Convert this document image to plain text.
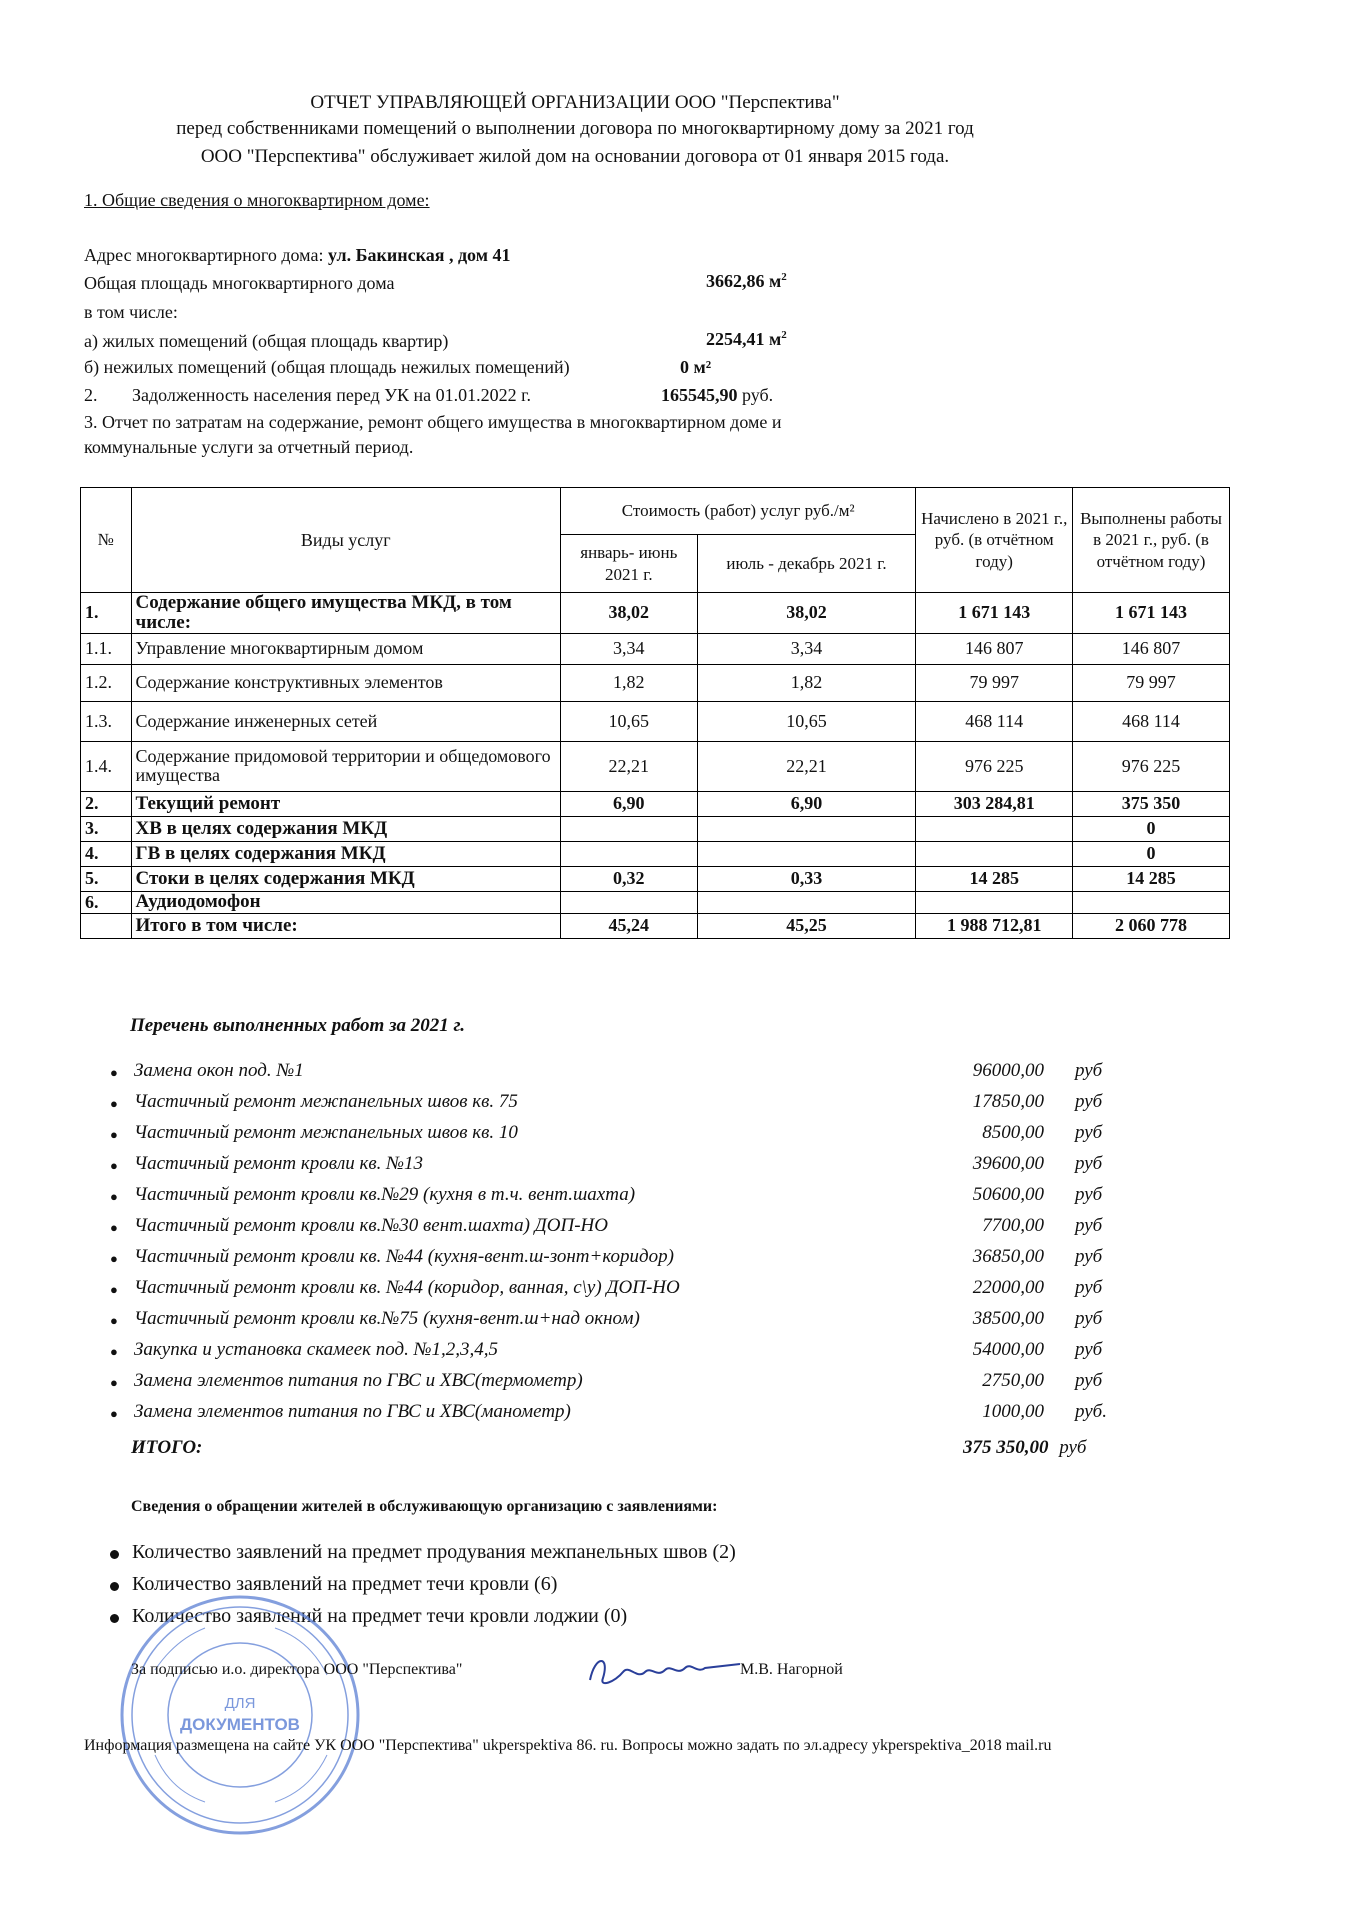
ОТЧЕТ УПРАВЛЯЮЩЕЙ ОРГАНИЗАЦИИ ООО "Перспектива"
перед собственниками помещений о выполнении договора по многоквартирному дому за 2021 год
ООО "Перспектива" обслуживает жилой дом на основании договора от 01 января 2015 года.
1. Общие сведения о многоквартирном доме:
Адрес многоквартирного дома: ул. Бакинская , дом 41
Общая площадь многоквартирного дома	3662,86 $м^2$
в том числе:
а) жилых помещений (общая площадь квартир)	2254,41 $м^2$
б) нежилых помещений (общая площадь нежилых помещений)	0 м²
2. Задолженность населения перед УК на 01.01.2022 г.	165545,90 руб.
3. Отчет по затратам на содержание, ремонт общего имущества в многоквартирном доме и
коммунальные услуги за отчетный период.
№	Виды услуг	Стоимость (работ) услуг руб./м²		Начислено в 2021 г., руб. (в отчётном году)	Выполнены работы в 2021 г., руб. (в отчётном году)
		январь- июнь 2021 г.	июль - декабрь 2021 г.		
1.	Содержание общего имущества МКД, в том числе:	38,02	38,02	1 671 143	1 671 143
1.1.	Управление многоквартирным домом	3,34	3,34	146 807	146 807
1.2.	Содержание конструктивных элементов	1,82	1,82	79 997	79 997
1.3.	Содержание инженерных сетей	10,65	10,65	468 114	468 114
1.4.	Содержание придомовой территории и общедомового имущества	22,21	22,21	976 225	976 225
2.	Текущий ремонт	6,90	6,90	303 284,81	375 350
3.	ХВ в целях содержания МКД				0
4.	ГВ в целях содержания МКД				0
5.	Стоки в целях содержания МКД	0,32	0,33	14 285	14 285
6.	Аудиодомофон				
	Итого в том числе:	45,24	45,25	1 988 712,81	2 060 778
Перечень выполненных работ за 2021 г.
● Замена окон под. №1	96000,00 руб
● Частичный ремонт межпанельных швов кв. 75	17850,00 руб
● Частичный ремонт межпанельных швов кв. 10	8500,00 руб
● Частичный ремонт кровли кв. №13	39600,00 руб
● Частичный ремонт кровли кв.№29 (кухня в т.ч. вент.шахта)	50600,00 руб
● Частичный ремонт кровли кв.№30 вент.шахта) ДОП-НО	7700,00 руб
● Частичный ремонт кровли кв. №44 (кухня-вент.ш-зонт+коридор)	36850,00 руб
● Частичный ремонт кровли кв. №44 (коридор, ванная, с\у) ДОП-НО	22000,00 руб
● Частичный ремонт кровли кв.№75 (кухня-вент.ш+над окном)	38500,00 руб
● Закупка и установка скамеек под. №1,2,3,4,5	54000,00 руб
● Замена элементов питания по ГВС и ХВС(термометр)	2750,00 руб
● Замена элементов питания по ГВС и ХВС(манометр)	1000,00 руб.
ИТОГО:	375 350,00 руб
Сведения о обращении жителей в обслуживающую организацию с заявлениями:
Количество заявлений на предмет продувания межпанельных швов (2)
Количество заявлений на предмет течи кровли (6)
Количество заявлений на предмет течи кровли лоджии (0)
ДЛЯ
ДОКУМЕНТОВ
За подписью и.о. директора ООО "Перспектива"	М.В. Нагорной
Информация размещена на сайте УК ООО "Перспектива" ukperspektiva 86. ru. Вопросы можно задать по эл.адресу ykperspektiva_2018 mail.ru
